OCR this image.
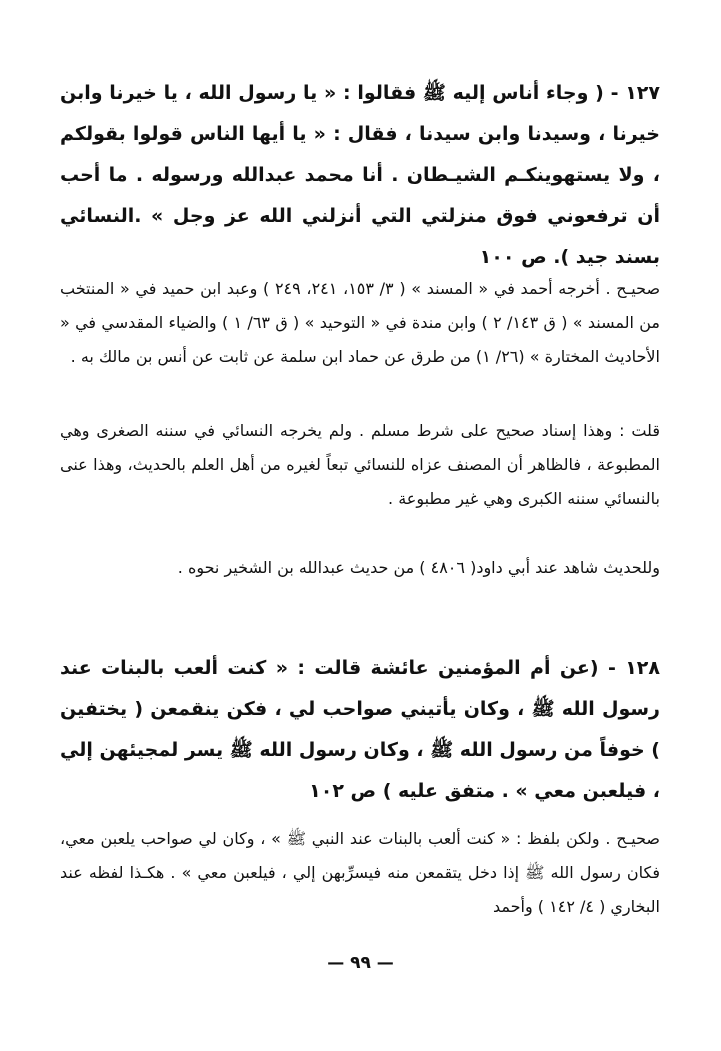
١٢٧ - ( وجاء أناس إليه ﷺ فقالوا : « يا رسول الله ، يا خيرنا وابن خيرنا ، وسيدنا وابن سيدنا ، فقال : « يا أيها الناس قولوا بقولكم ، ولا يستهوينكـم الشيـطان . أنا محمد عبدالله ورسوله . ما أحب أن ترفعوني فوق منزلتي التي أنزلني الله عز وجل » .النسائي بسند جيد ). ص ١٠٠
صحيـح . أخرجه أحمد في « المسند » ( ٣/ ١٥٣، ٢٤١، ٢٤٩ ) وعبد ابن حميد في « المنتخب من المسند » ( ق ١٤٣/ ٢ ) وابن مندة في « التوحيد » ( ق ٦٣/ ١ ) والضياء المقدسي في « الأحاديث المختارة » (٢٦/ ١) من طرق عن حماد ابن سلمة عن ثابت عن أنس بن مالك به .
قلت : وهذا إسناد صحيح على شرط مسلم . ولم يخرجه النسائي في سننه الصغرى وهي المطبوعة ، فالظاهر أن المصنف عزاه للنسائي تبعاً لغيره من أهل العلم بالحديث، وهذا عنى بالنسائي سننه الكبرى وهي غير مطبوعة .
وللحديث شاهد عند أبي داود( ٤٨٠٦ ) من حديث عبدالله بن الشخير نحوه .
١٢٨ - (عن أم المؤمنين عائشة قالت : « كنت ألعب بالبنات عند رسول الله ﷺ ، وكان يأتيني صواحب لي ، فكن ينقمعن ( يختفين ) خوفاً من رسول الله ﷺ ، وكان رسول الله ﷺ يسر لمجيئهن إلي ، فيلعبن معي » . متفق عليه ) ص ١٠٢
صحيـح . ولكن بلفظ : « كنت ألعب بالبنات عند النبي ﷺ » ، وكان لي صواحب يلعبن معي، فكان رسول الله ﷺ إذا دخل يتقمعن منه فيسرِّبهن إلي ، فيلعبن معي » . هكـذا لفظه عند البخاري ( ٤/ ١٤٢ ) وأحمد
— ٩٩ —
